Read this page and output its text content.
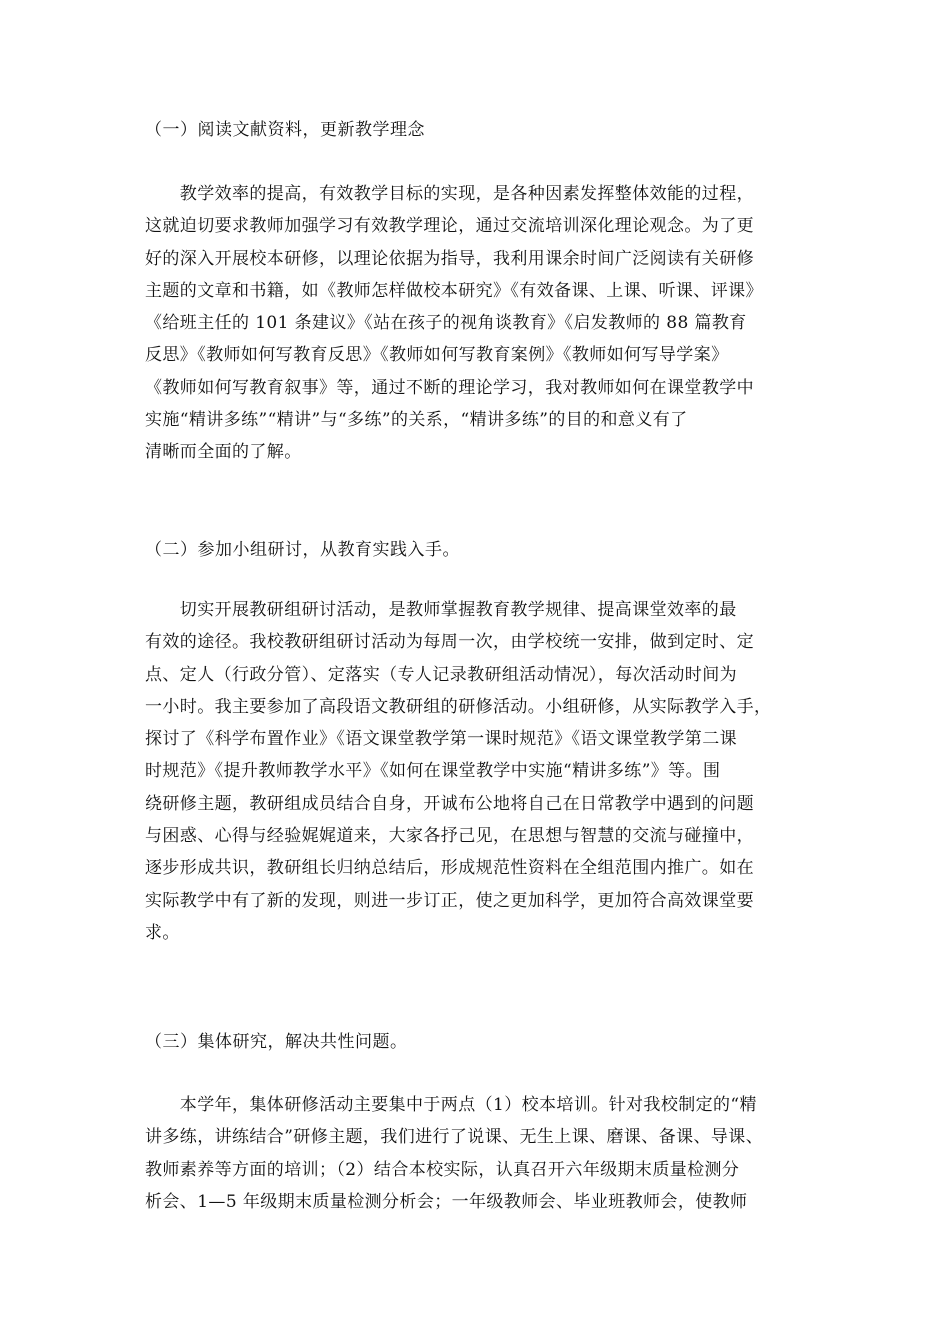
（一）阅读文献资料，更新教学理念
　　教学效率的提高，有效教学目标的实现，是各种因素发挥整体效能的过程，
这就迫切要求教师加强学习有效教学理论，通过交流培训深化理论观念。为了更
好的深入开展校本研修，以理论依据为指导，我利用课余时间广泛阅读有关研修
主题的文章和书籍，如《教师怎样做校本研究》《有效备课、上课、听课、评课》
《给班主任的 101 条建议》《站在孩子的视角谈教育》《启发教师的 88 篇教育
反思》《教师如何写教育反思》《教师如何写教育案例》《教师如何写导学案》
《教师如何写教育叙事》等，通过不断的理论学习，我对教师如何在课堂教学中
实施“精讲多练”“精讲”与“多练”的关系，“精讲多练”的目的和意义有了
清晰而全面的了解。
（二）参加小组研讨，从教育实践入手。
　　切实开展教研组研讨活动，是教师掌握教育教学规律、提高课堂效率的最
有效的途径。我校教研组研讨活动为每周一次，由学校统一安排，做到定时、定
点、定人（行政分管）、定落实（专人记录教研组活动情况），每次活动时间为
一小时。我主要参加了高段语文教研组的研修活动。小组研修，从实际教学入手，
探讨了《科学布置作业》《语文课堂教学第一课时规范》《语文课堂教学第二课
时规范》《提升教师教学水平》《如何在课堂教学中实施“精讲多练”》等。围
绕研修主题，教研组成员结合自身，开诚布公地将自己在日常教学中遇到的问题
与困惑、心得与经验娓娓道来，大家各抒己见，在思想与智慧的交流与碰撞中，
逐步形成共识，教研组长归纳总结后，形成规范性资料在全组范围内推广。如在
实际教学中有了新的发现，则进一步订正，使之更加科学，更加符合高效课堂要
求。
（三）集体研究，解决共性问题。
　　本学年，集体研修活动主要集中于两点（1）校本培训。针对我校制定的“精
讲多练，讲练结合”研修主题，我们进行了说课、无生上课、磨课、备课、导课、
教师素养等方面的培训；（2）结合本校实际，认真召开六年级期末质量检测分
析会、1—5 年级期末质量检测分析会；一年级教师会、毕业班教师会，使教师
